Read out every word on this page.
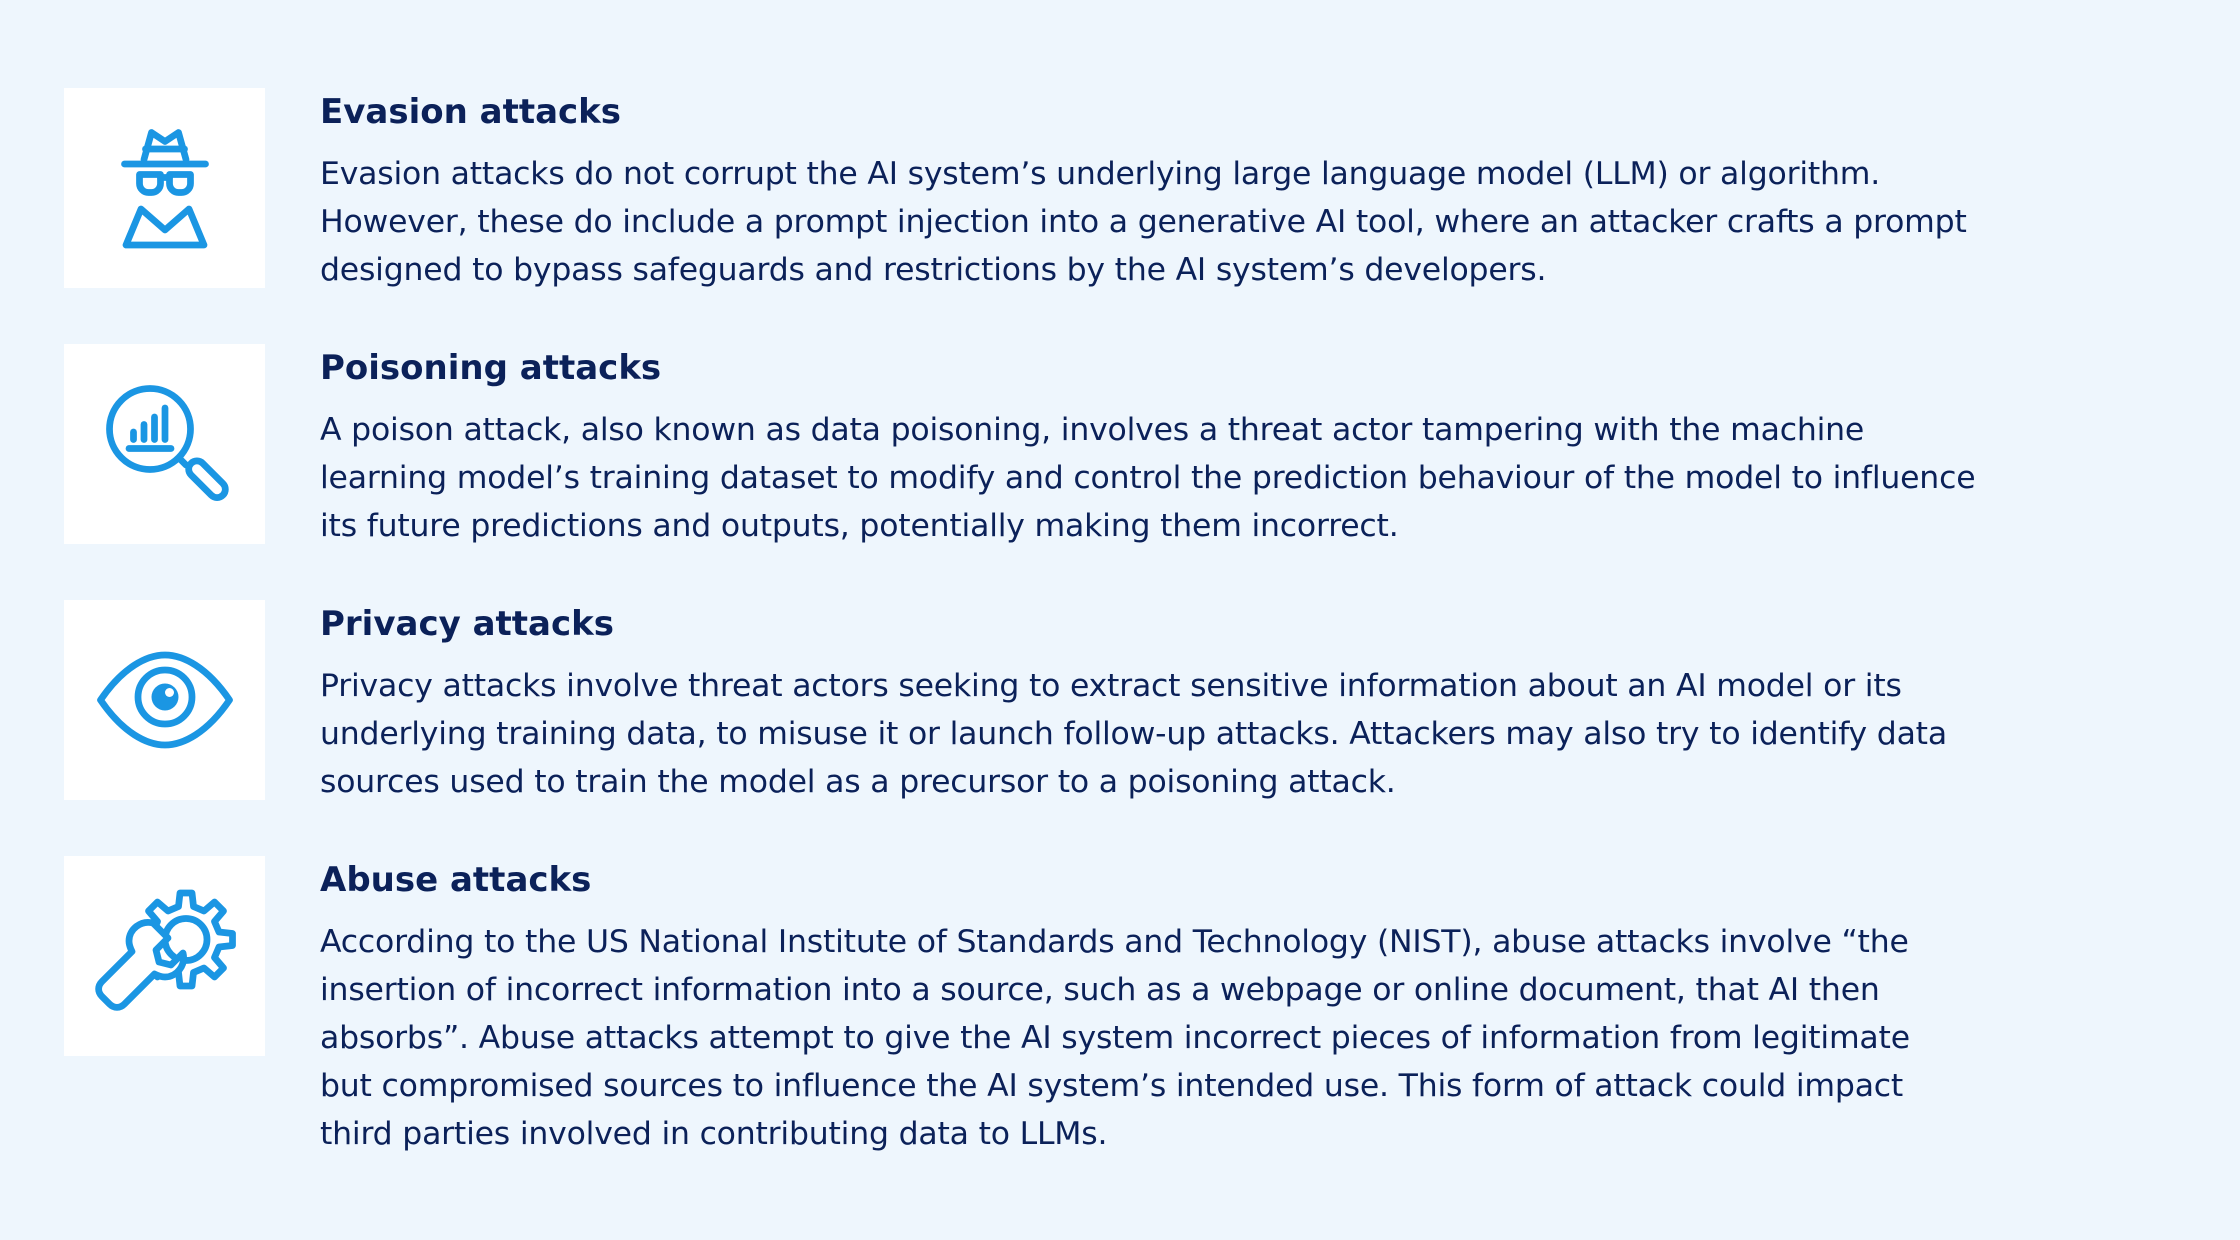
Evasion attacks

Evasion attacks do not corrupt the AI system’s underlying large language model (LLM) or algorithm.
However, these do include a prompt injection into a generative AI tool, where an attacker crafts a prompt
designed to bypass safeguards and restrictions by the AI system’s developers.

Poisoning attacks

A poison attack, also known as data poisoning, involves a threat actor tampering with the machine
learning model’s training dataset to modify and control the prediction behaviour of the model to influence
its future predictions and outputs, potentially making them incorrect.

Privacy attacks

Privacy attacks involve threat actors seeking to extract sensitive information about an AI model or its
underlying training data, to misuse it or launch follow-up attacks. Attackers may also try to identify data
sources used to train the model as a precursor to a poisoning attack.

Abuse attacks

According to the US National Institute of Standards and Technology (NIST), abuse attacks involve “the
insertion of incorrect information into a source, such as a webpage or online document, that AI then
absorbs”. Abuse attacks attempt to give the AI system incorrect pieces of information from legitimate
but compromised sources to influence the AI system’s intended use. This form of attack could impact
third parties involved in contributing data to LLMs.
